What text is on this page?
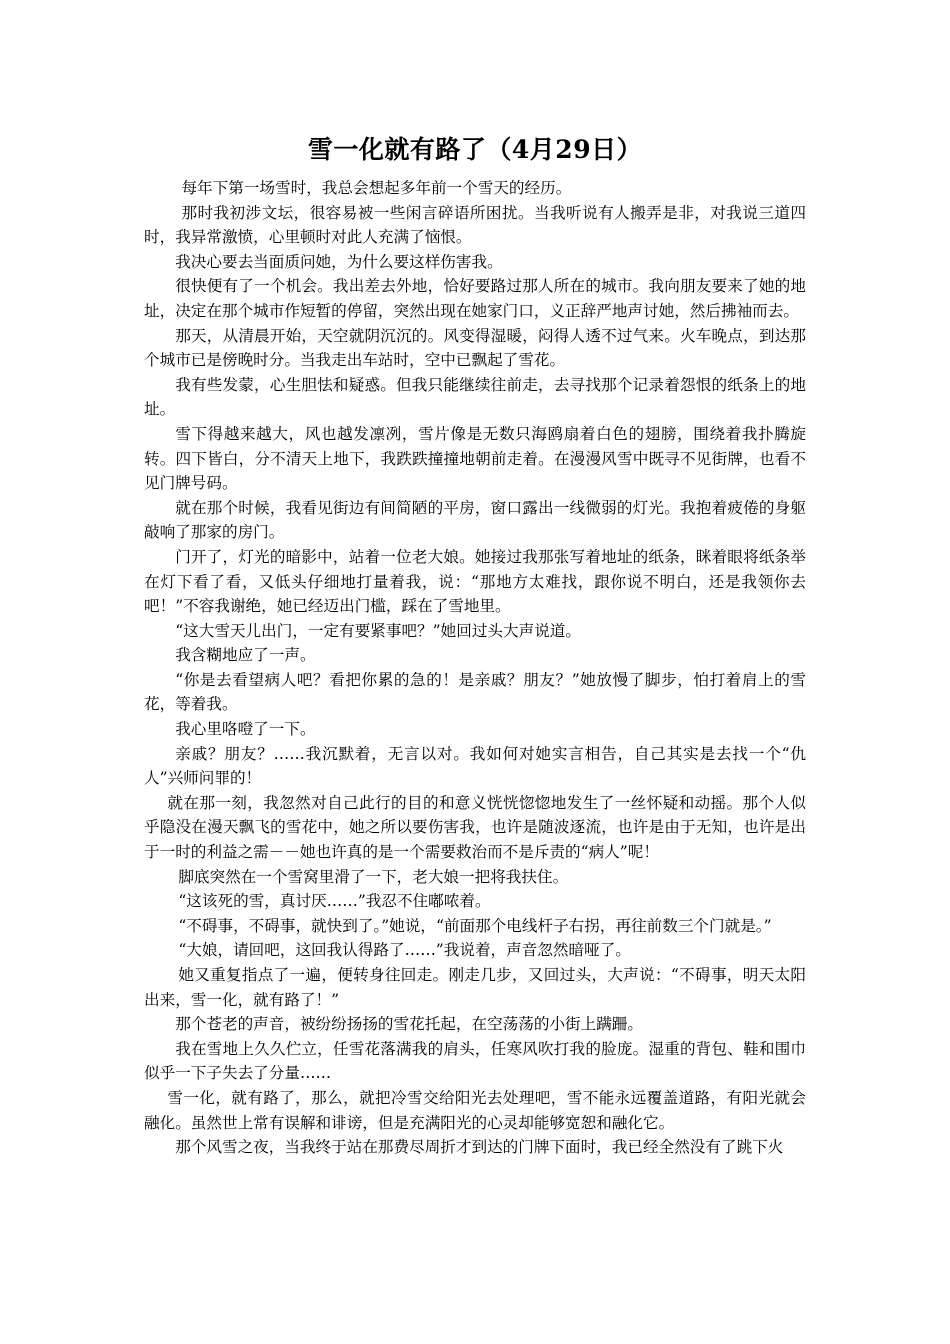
雪一化就有路了（4月29日）

每年下第一场雪时，我总会想起多年前一个雪天的经历。

那时我初涉文坛，很容易被一些闲言碎语所困扰。当我听说有人搬弄是非，对我说三道四时，我异常激愤，心里顿时对此人充满了恼恨。

我决心要去当面质问她，为什么要这样伤害我。

很快便有了一个机会。我出差去外地，恰好要路过那人所在的城市。我向朋友要来了她的地址，决定在那个城市作短暂的停留，突然出现在她家门口，义正辞严地声讨她，然后拂袖而去。

那天，从清晨开始，天空就阴沉沉的。风变得湿暖，闷得人透不过气来。火车晚点，到达那个城市已是傍晚时分。当我走出车站时，空中已飘起了雪花。

我有些发蒙，心生胆怯和疑惑。但我只能继续往前走，去寻找那个记录着怨恨的纸条上的地址。

雪下得越来越大，风也越发凛冽，雪片像是无数只海鸥扇着白色的翅膀，围绕着我扑腾旋转。四下皆白，分不清天上地下，我跌跌撞撞地朝前走着。在漫漫风雪中既寻不见街牌，也看不见门牌号码。

就在那个时候，我看见街边有间简陋的平房，窗口露出一线微弱的灯光。我抱着疲倦的身躯敲响了那家的房门。

门开了，灯光的暗影中，站着一位老大娘。她接过我那张写着地址的纸条，眯着眼将纸条举在灯下看了看，又低头仔细地打量着我，说：“那地方太难找，跟你说不明白，还是我领你去吧！”不容我谢绝，她已经迈出门槛，踩在了雪地里。

“这大雪天儿出门，一定有要紧事吧？”她回过头大声说道。

我含糊地应了一声。

“你是去看望病人吧？看把你累的急的！是亲戚？朋友？”她放慢了脚步，怕打着肩上的雪花，等着我。

我心里咯噔了一下。

亲戚？朋友？……我沉默着，无言以对。我如何对她实言相告，自己其实是去找一个“仇人”兴师问罪的！

就在那一刻，我忽然对自己此行的目的和意义恍恍惚惚地发生了一丝怀疑和动摇。那个人似乎隐没在漫天飘飞的雪花中，她之所以要伤害我，也许是随波逐流，也许是由于无知，也许是出于一时的利益之需－－她也许真的是一个需要救治而不是斥责的“病人”呢！

脚底突然在一个雪窝里滑了一下，老大娘一把将我扶住。

“这该死的雪，真讨厌……”我忍不住嘟哝着。

“不碍事，不碍事，就快到了。”她说，“前面那个电线杆子右拐，再往前数三个门就是。”

“大娘，请回吧，这回我认得路了……”我说着，声音忽然暗哑了。

她又重复指点了一遍，便转身往回走。刚走几步，又回过头，大声说：“不碍事，明天太阳出来，雪一化，就有路了！”

那个苍老的声音，被纷纷扬扬的雪花托起，在空荡荡的小街上蹒跚。

我在雪地上久久伫立，任雪花落满我的肩头，任寒风吹打我的脸庞。湿重的背包、鞋和围巾似乎一下子失去了分量……

雪一化，就有路了，那么，就把冷雪交给阳光去处理吧，雪不能永远覆盖道路，有阳光就会融化。虽然世上常有误解和诽谤，但是充满阳光的心灵却能够宽恕和融化它。

那个风雪之夜，当我终于站在那费尽周折才到达的门牌下面时，我已经全然没有了跳下火
